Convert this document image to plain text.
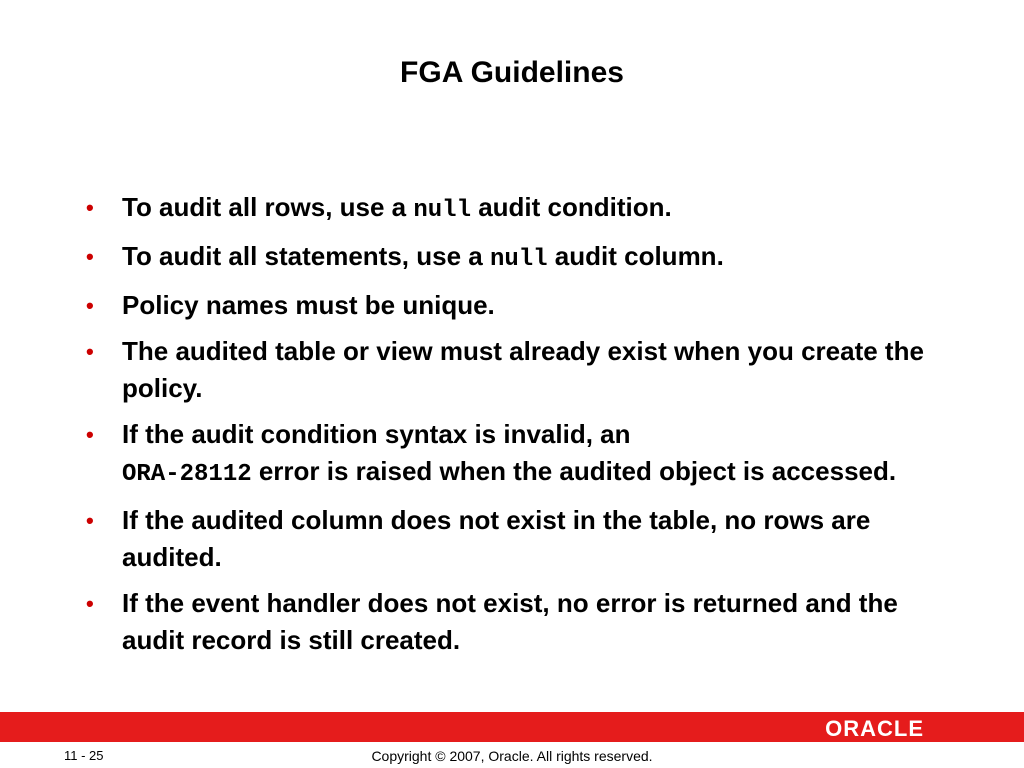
FGA Guidelines
• To audit all rows, use a null audit condition.
• To audit all statements, use a null audit column.
• Policy names must be unique.
• The audited table or view must already exist when you create the policy.
• If the audit condition syntax is invalid, an
ORA-28112 error is raised when the audited object is accessed.
• If the audited column does not exist in the table, no rows are audited.
• If the event handler does not exist, no error is returned and the audit record is still created.
ORACLE
11 - 25	Copyright © 2007, Oracle. All rights reserved.
